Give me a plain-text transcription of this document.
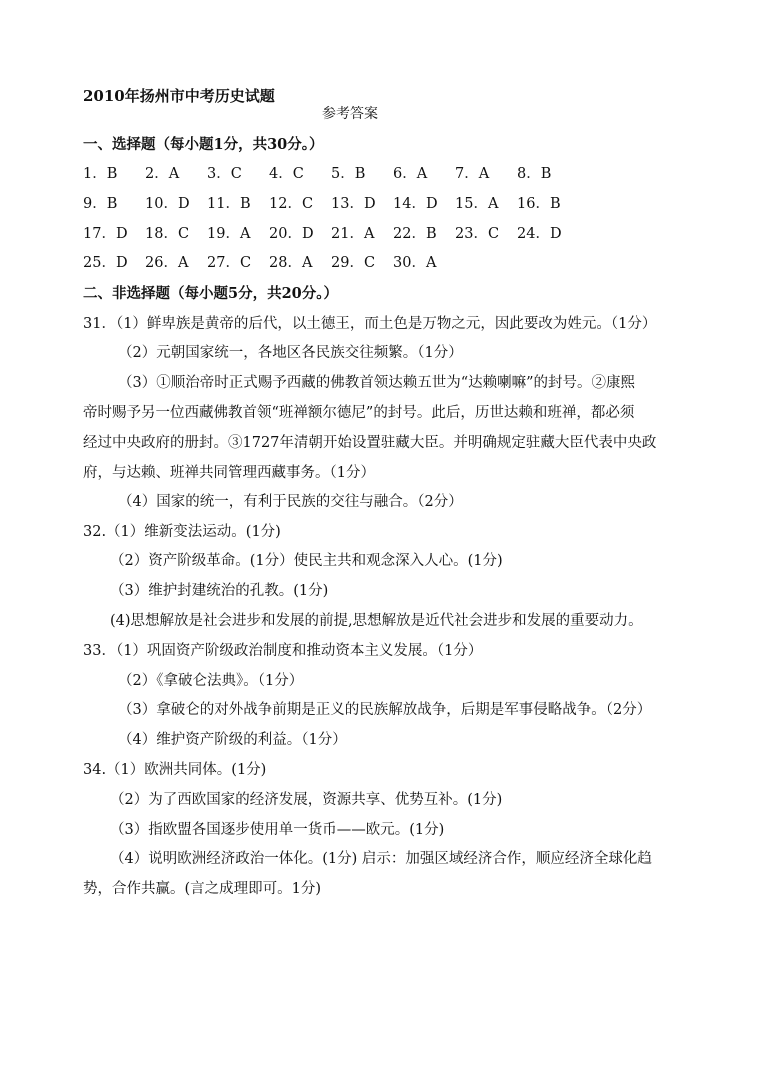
2010年扬州市中考历史试题
参考答案
一、选择题（每小题1分，共30分。）
1．B 2．A 3．C 4．C 5．B 6．A 7．A 8．B
9．B 10．D 11．B 12．C 13．D 14．D 15．A 16．B
17．D 18．C 19．A 20．D 21．A 22．B 23．C 24．D
25．D 26．A 27．C 28．A 29．C 30．A
二、非选择题（每小题5分，共20分。）
31．（1）鲜卑族是黄帝的后代，以土德王，而土色是万物之元，因此要改为姓元。（1分）
（2）元朝国家统一，各地区各民族交往频繁。（1分）
（3）①顺治帝时正式赐予西藏的佛教首领达赖五世为“达赖喇嘛”的封号。②康熙
帝时赐予另一位西藏佛教首领“班禅额尔德尼”的封号。此后，历世达赖和班禅，都必须
经过中央政府的册封。③1727年清朝开始设置驻藏大臣。并明确规定驻藏大臣代表中央政
府，与达赖、班禅共同管理西藏事务。（1分）
（4）国家的统一，有利于民族的交往与融合。（2分）
32.（1）维新变法运动。(1分)
（2）资产阶级革命。(1分）使民主共和观念深入人心。(1分)
（3）维护封建统治的孔教。(1分)
(4)思想解放是社会进步和发展的前提,思想解放是近代社会进步和发展的重要动力。
33．（1）巩固资产阶级政治制度和推动资本主义发展。（1分）
（2）《拿破仑法典》。（1分）
（3）拿破仑的对外战争前期是正义的民族解放战争，后期是军事侵略战争。（2分）
（4）维护资产阶级的利益。（1分）
34.（1）欧洲共同体。(1分)
（2）为了西欧国家的经济发展，资源共享、优势互补。(1分)
（3）指欧盟各国逐步使用单一货币——欧元。(1分)
（4）说明欧洲经济政治一体化。(1分) 启示：加强区域经济合作，顺应经济全球化趋
势，合作共赢。(言之成理即可。1分)
